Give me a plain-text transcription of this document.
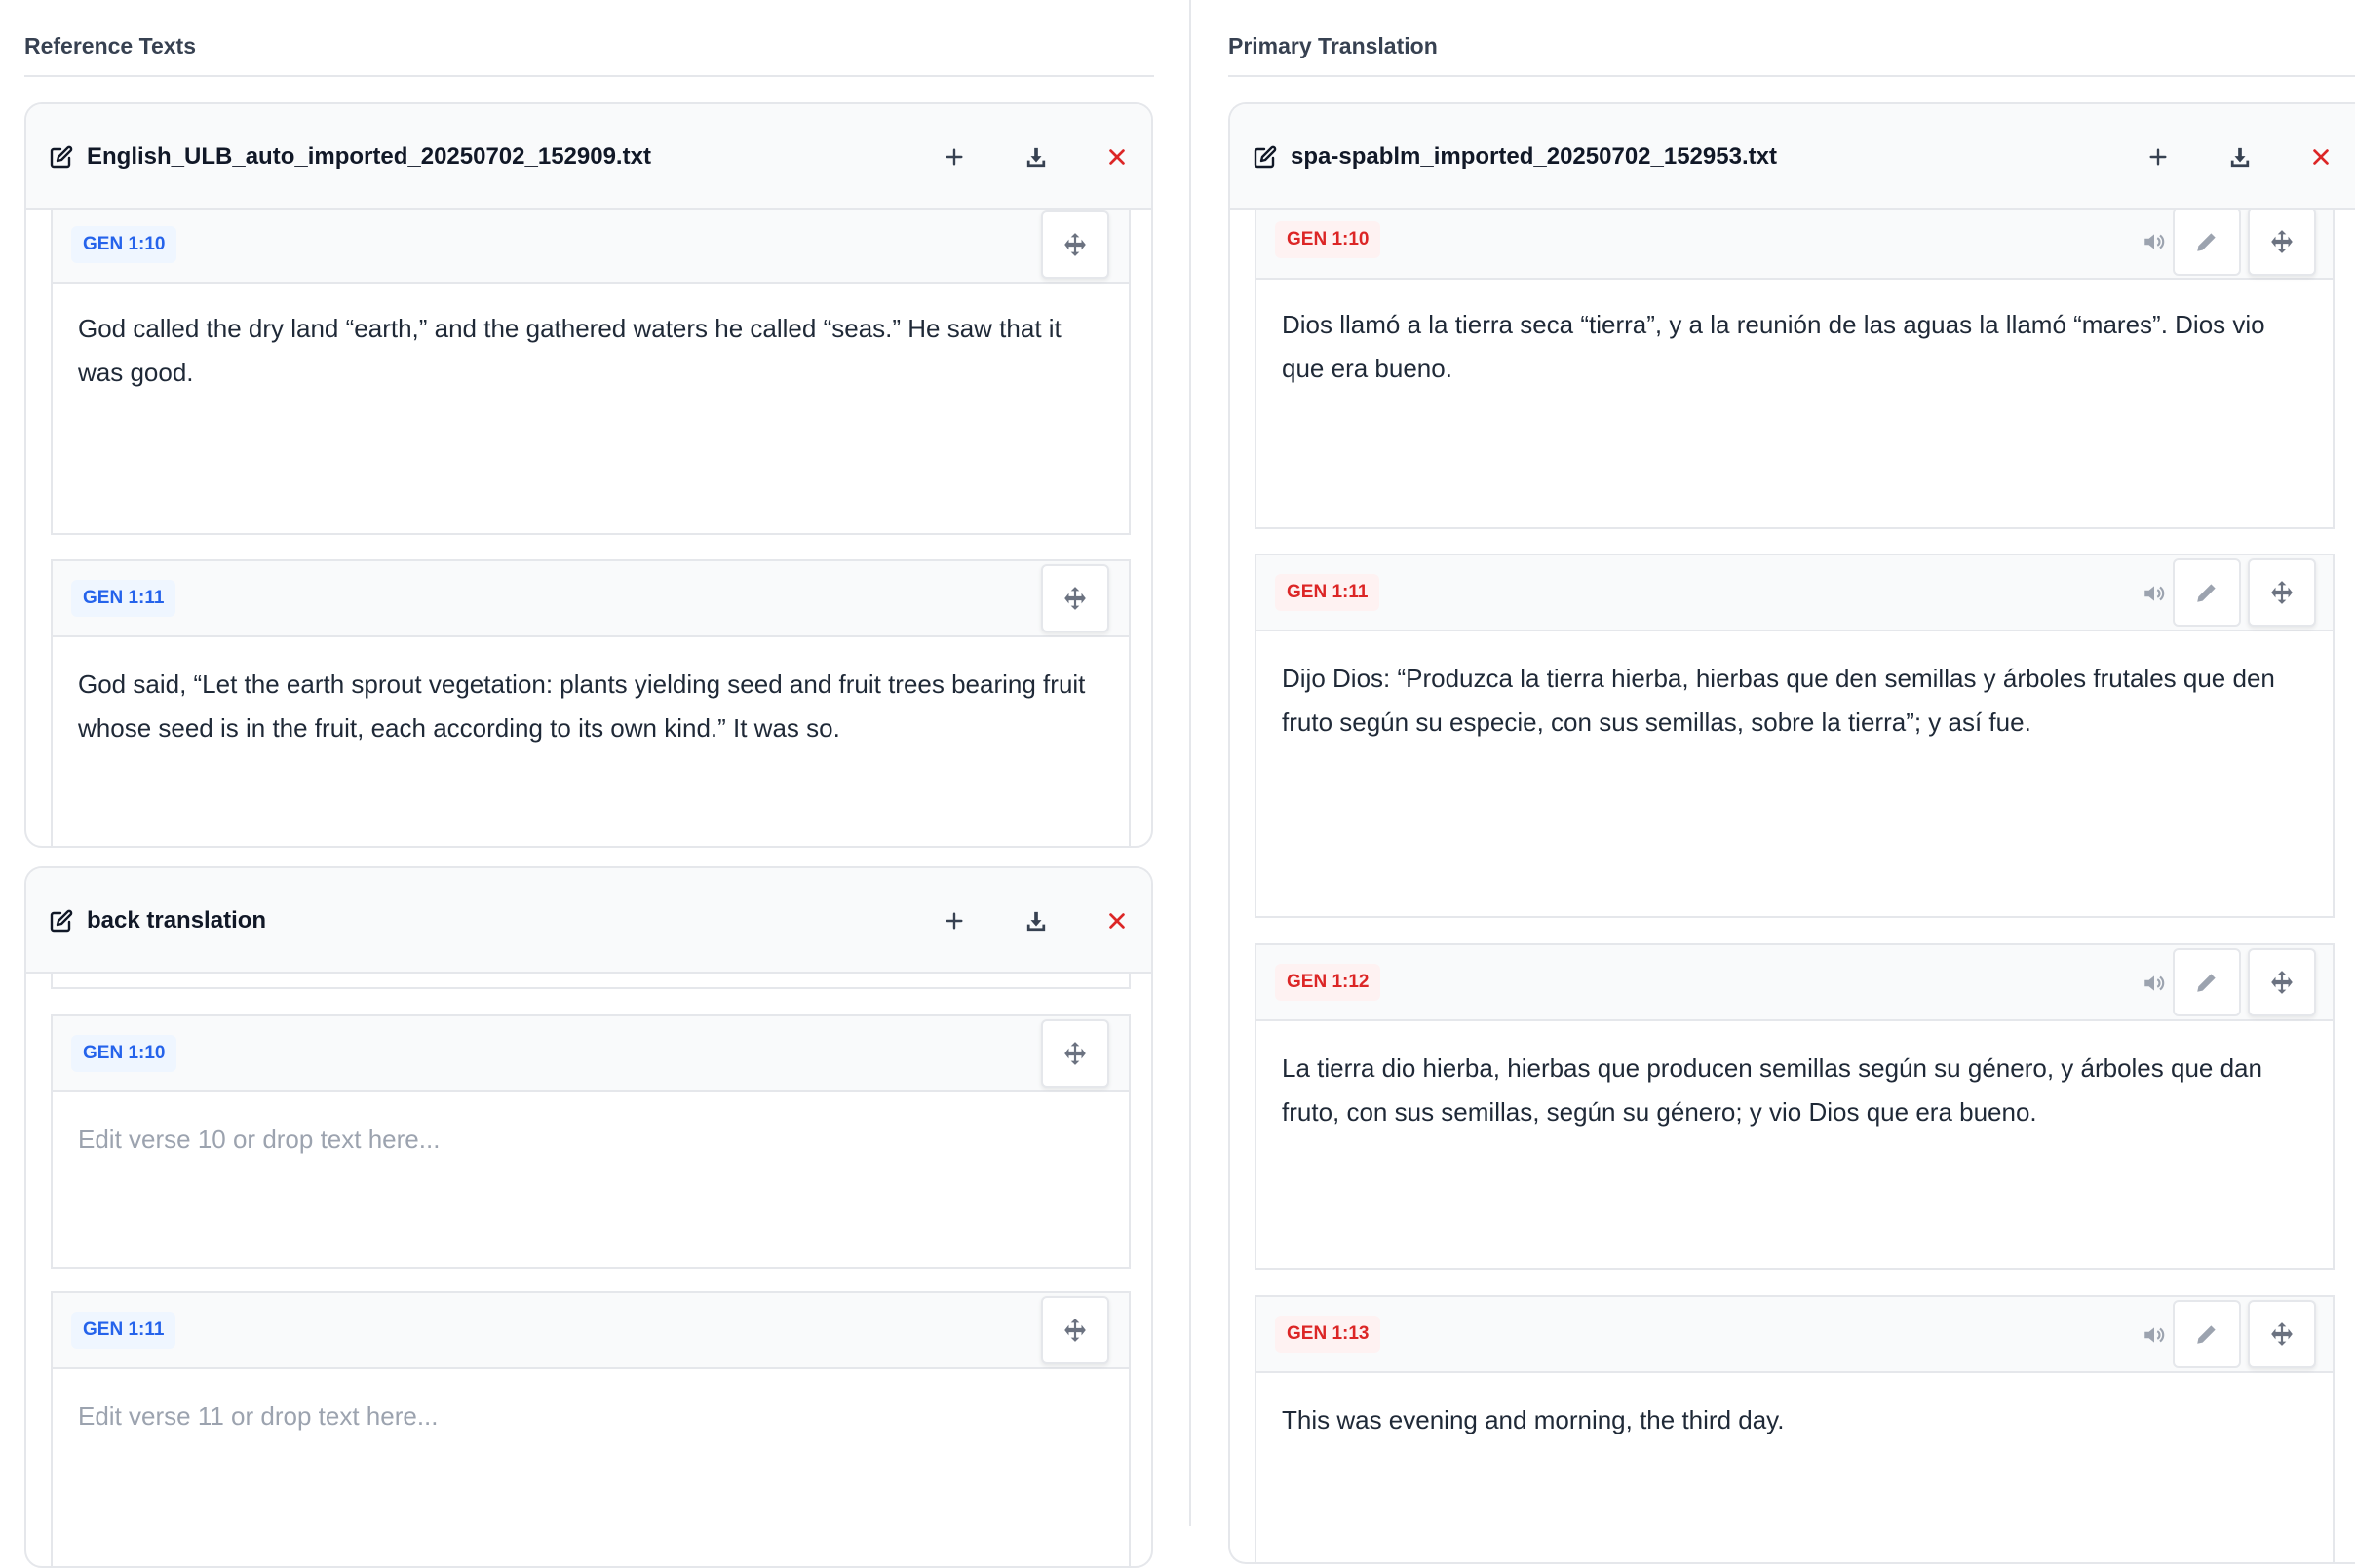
Reference Texts
English_ULB_auto_imported_20250702_152909.txt
GEN 1:10
God called the dry land “earth,” and the gathered waters he called “seas.” He saw that it was good.
GEN 1:11
God said, “Let the earth sprout vegetation: plants yielding seed and fruit trees bearing fruit whose seed is in the fruit, each according to its own kind.” It was so.
back translation
GEN 1:10
Edit verse 10 or drop text here...
GEN 1:11
Edit verse 11 or drop text here...
Primary Translation
spa-spablm_imported_20250702_152953.txt
GEN 1:10
Dios llamó a la tierra seca “tierra”, y a la reunión de las aguas la llamó “mares”. Dios vio que era bueno.
GEN 1:11
Dijo Dios: “Produzca la tierra hierba, hierbas que den semillas y árboles frutales que den fruto según su especie, con sus semillas, sobre la tierra”; y así fue.
GEN 1:12
La tierra dio hierba, hierbas que producen semillas según su género, y árboles que dan fruto, con sus semillas, según su género; y vio Dios que era bueno.
GEN 1:13
This was evening and morning, the third day.
